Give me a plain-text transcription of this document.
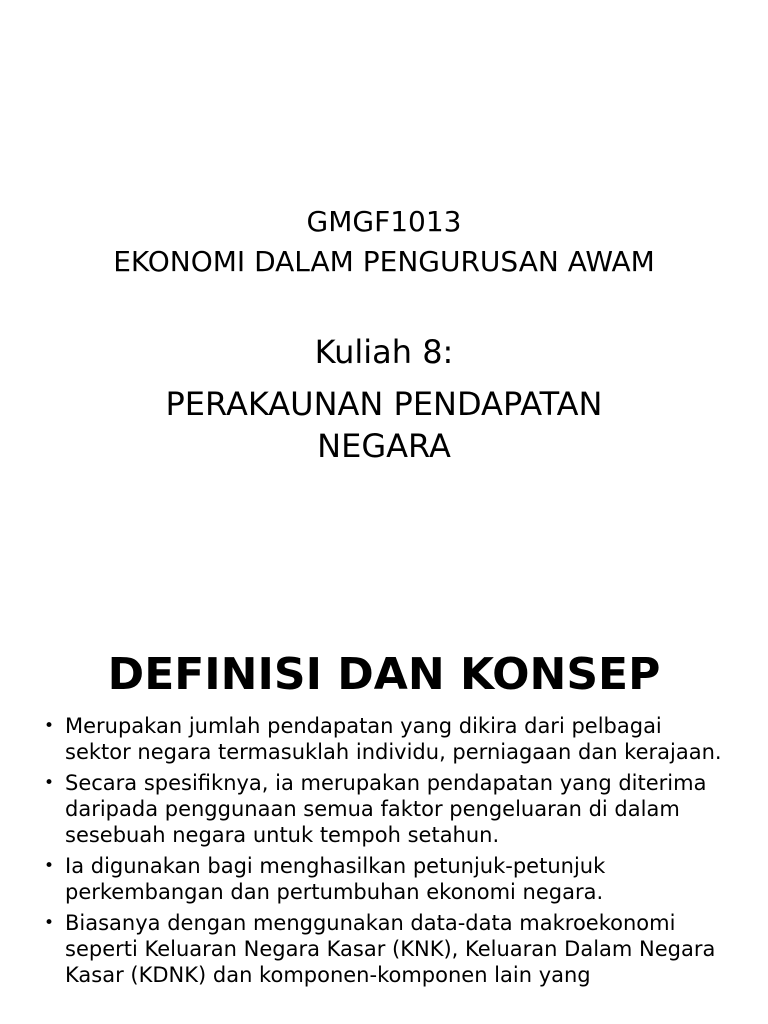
GMGF1013
EKONOMI DALAM PENGURUSAN AWAM
Kuliah 8:
PERAKAUNAN PENDAPATAN
NEGARA
DEFINISI DAN KONSEP
• Merupakan jumlah pendapatan yang dikira dari pelbagai sektor negara termasuklah individu, perniagaan dan kerajaan.
• Secara spesifiknya, ia merupakan pendapatan yang diterima daripada penggunaan semua faktor pengeluaran di dalam sesebuah negara untuk tempoh setahun.
• Ia digunakan bagi menghasilkan petunjuk-petunjuk perkembangan dan pertumbuhan ekonomi negara.
• Biasanya dengan menggunakan data-data makroekonomi seperti Keluaran Negara Kasar (KNK), Keluaran Dalam Negara Kasar (KDNK) dan komponen-komponen lain yang
